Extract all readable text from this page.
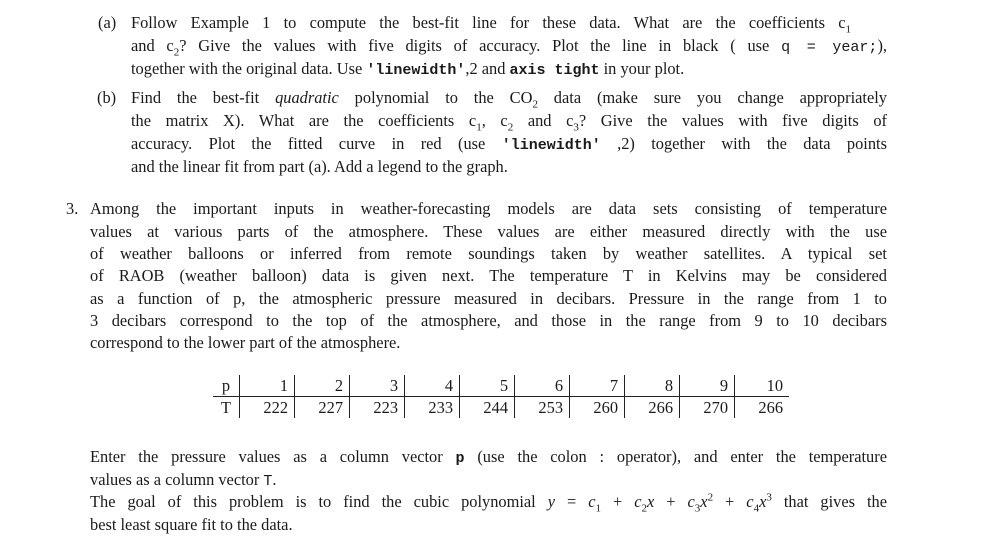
(a) Follow Example 1 to compute the best-fit line for these data. What are the coefficients $c_1$
and $c_2$? Give the values with five digits of accuracy. Plot the line in black ( use q = year;),
together with the original data. Use 'linewidth',2 and axis tight in your plot.
(b) Find the best-fit quadratic polynomial to the $CO_2$ data (make sure you change appropriately
the matrix X). What are the coefficients $c_1$, $c_2$ and $c_3$? Give the values with five digits of
accuracy. Plot the fitted curve in red (use 'linewidth' ,2) together with the data points
and the linear fit from part (a). Add a legend to the graph.
3. Among the important inputs in weather-forecasting models are data sets consisting of temperature
values at various parts of the atmosphere. These values are either measured directly with the use
of weather balloons or inferred from remote soundings taken by weather satellites. A typical set
of RAOB (weather balloon) data is given next. The temperature T in Kelvins may be considered
as a function of p, the atmospheric pressure measured in decibars. Pressure in the range from 1 to
3 decibars correspond to the top of the atmosphere, and those in the range from 9 to 10 decibars
correspond to the lower part of the atmosphere.
p	1	2	3	4	5	6	7	8	9	10
T	222	227	223	233	244	253	260	266	270	266
Enter the pressure values as a column vector p (use the colon : operator), and enter the temperature
values as a column vector T.
The goal of this problem is to find the cubic polynomial $y = c_1 + c_2x + c_3x^2 + c_4x^3$ that gives the
best least square fit to the data.
